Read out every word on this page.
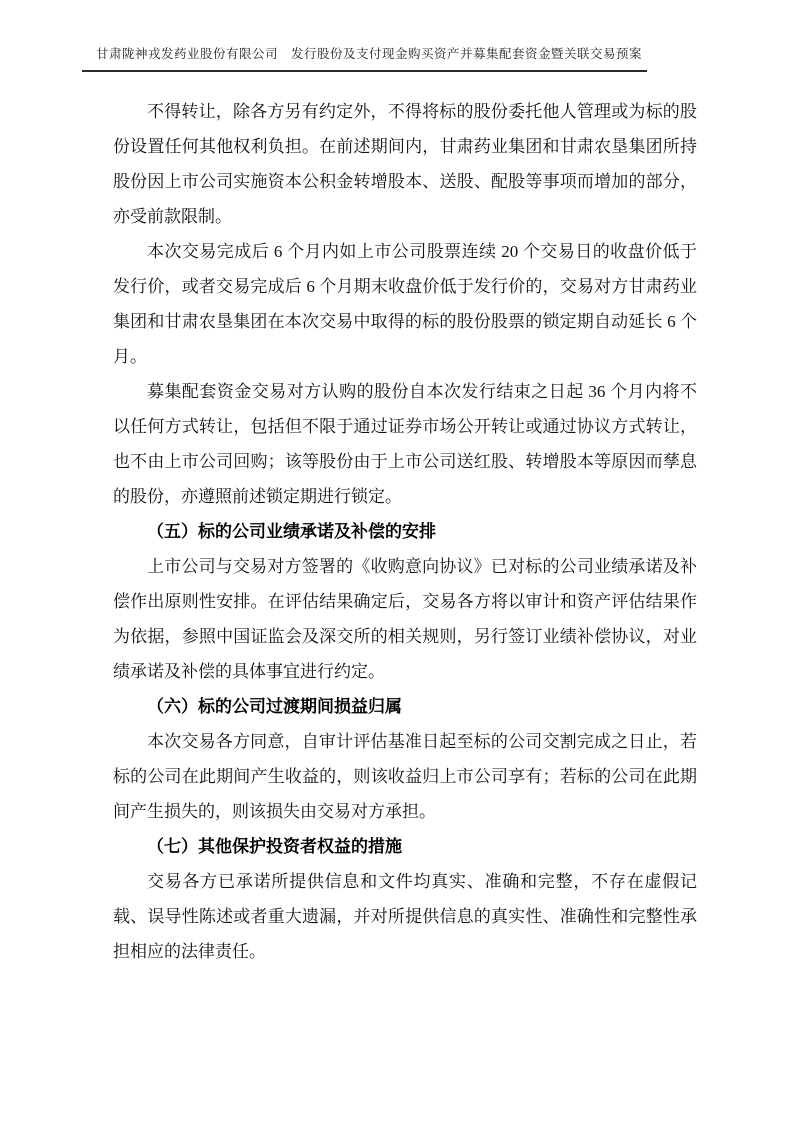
甘肃陇神戎发药业股份有限公司　发行股份及支付现金购买资产并募集配套资金暨关联交易预案

不得转让，除各方另有约定外，不得将标的股份委托他人管理或为标的股份设置任何其他权利负担。在前述期间内，甘肃药业集团和甘肃农垦集团所持股份因上市公司实施资本公积金转增股本、送股、配股等事项而增加的部分，亦受前款限制。

本次交易完成后 6 个月内如上市公司股票连续 20 个交易日的收盘价低于发行价，或者交易完成后 6 个月期末收盘价低于发行价的，交易对方甘肃药业集团和甘肃农垦集团在本次交易中取得的标的股份股票的锁定期自动延长 6 个月。

募集配套资金交易对方认购的股份自本次发行结束之日起 36 个月内将不以任何方式转让，包括但不限于通过证券市场公开转让或通过协议方式转让，也不由上市公司回购；该等股份由于上市公司送红股、转增股本等原因而孳息的股份，亦遵照前述锁定期进行锁定。

（五）标的公司业绩承诺及补偿的安排

上市公司与交易对方签署的《收购意向协议》已对标的公司业绩承诺及补偿作出原则性安排。在评估结果确定后，交易各方将以审计和资产评估结果作为依据，参照中国证监会及深交所的相关规则，另行签订业绩补偿协议，对业绩承诺及补偿的具体事宜进行约定。

（六）标的公司过渡期间损益归属

本次交易各方同意，自审计评估基准日起至标的公司交割完成之日止，若标的公司在此期间产生收益的，则该收益归上市公司享有；若标的公司在此期间产生损失的，则该损失由交易对方承担。

（七）其他保护投资者权益的措施

交易各方已承诺所提供信息和文件均真实、准确和完整，不存在虚假记载、误导性陈述或者重大遗漏，并对所提供信息的真实性、准确性和完整性承担相应的法律责任。
